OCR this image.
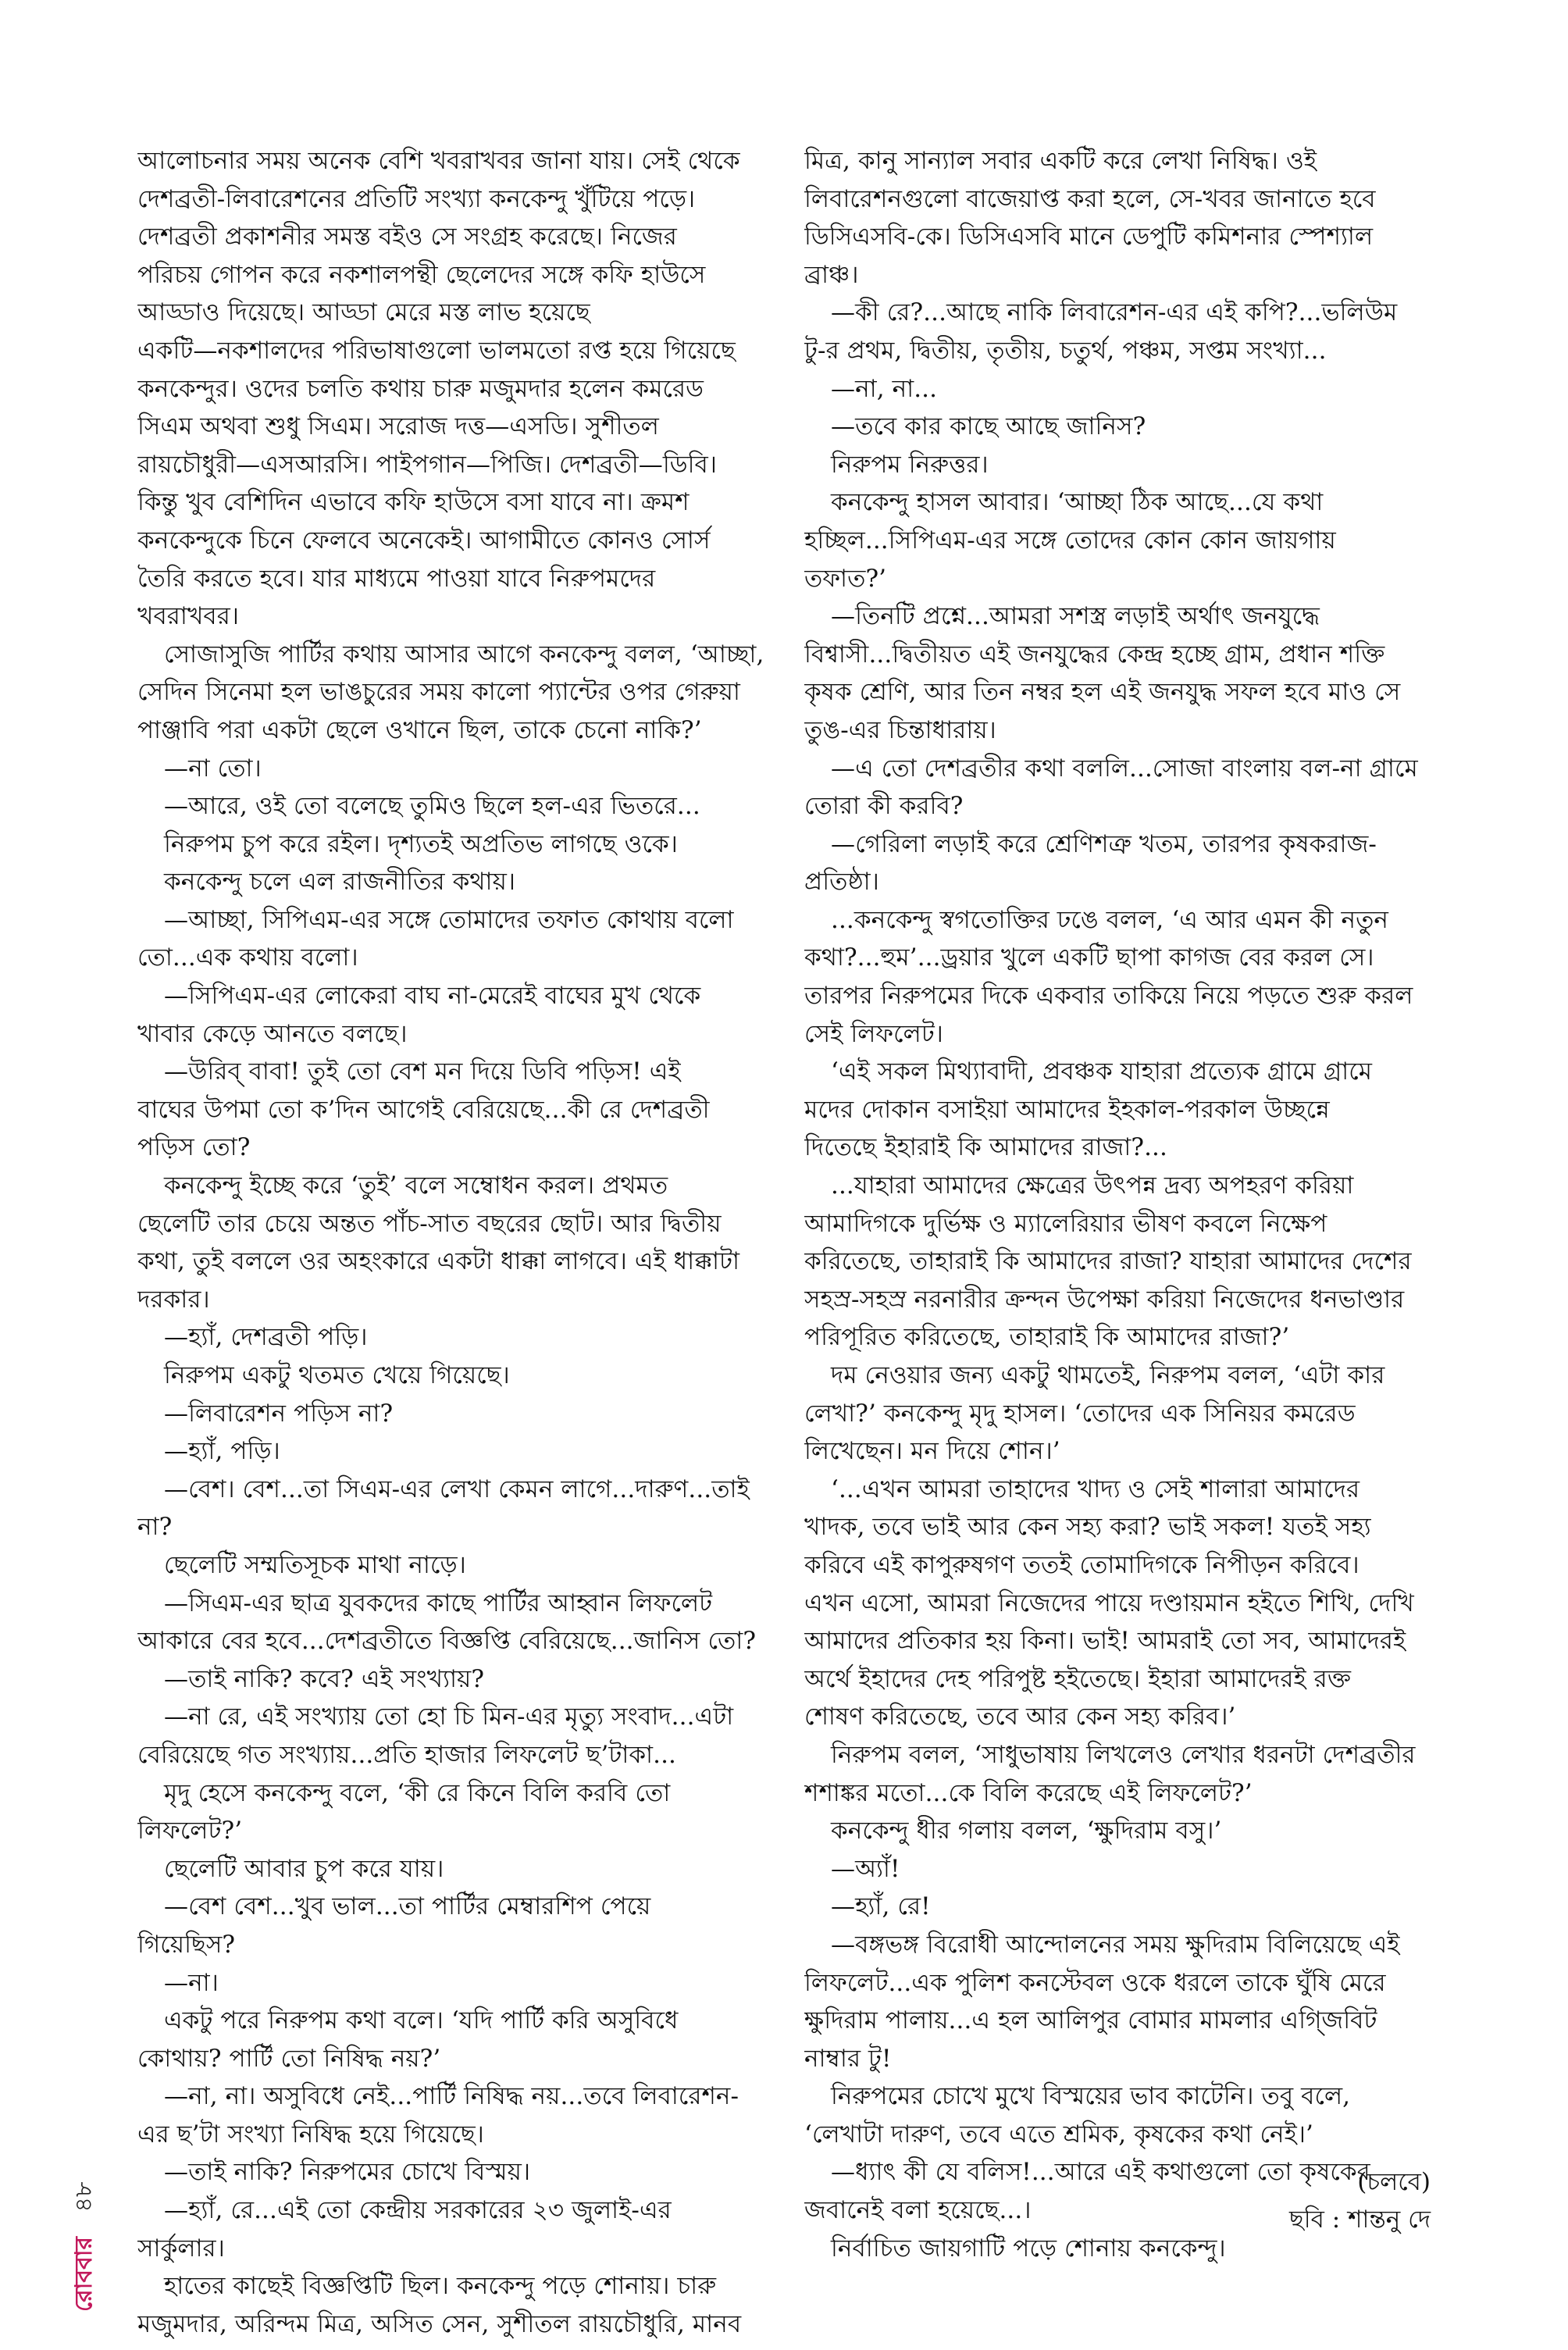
আলোচনার সময় অনেক বেশি খবরাখবর জানা যায়। সেই থেকে
দেশব্রতী-লিবারেশনের প্রতিটি সংখ্যা কনকেন্দু খুঁটিয়ে পড়ে।
দেশব্রতী প্রকাশনীর সমস্ত বইও সে সংগ্রহ করেছে। নিজের
পরিচয় গোপন করে নকশালপন্থী ছেলেদের সঙ্গে কফি হাউসে
আড্ডাও দিয়েছে। আড্ডা মেরে মস্ত লাভ হয়েছে
একটি—নকশালদের পরিভাষাগুলো ভালমতো রপ্ত হয়ে গিয়েছে
কনকেন্দুর। ওদের চলতি কথায় চারু মজুমদার হলেন কমরেড
সিএম অথবা শুধু সিএম। সরোজ দত্ত—এসডি। সুশীতল
রায়চৌধুরী—এসআরসি। পাইপগান—পিজি। দেশব্রতী—ডিবি।
কিন্তু খুব বেশিদিন এভাবে কফি হাউসে বসা যাবে না। ক্রমশ
কনকেন্দুকে চিনে ফেলবে অনেকেই। আগামীতে কোনও সোর্স
তৈরি করতে হবে। যার মাধ্যমে পাওয়া যাবে নিরুপমদের
খবরাখবর।
সোজাসুজি পার্টির কথায় আসার আগে কনকেন্দু বলল, ‘আচ্ছা,
সেদিন সিনেমা হল ভাঙচুরের সময় কালো প্যান্টের ওপর গেরুয়া
পাঞ্জাবি পরা একটা ছেলে ওখানে ছিল, তাকে চেনো নাকি?’
—না তো।
—আরে, ওই তো বলেছে তুমিও ছিলে হল-এর ভিতরে...
নিরুপম চুপ করে রইল। দৃশ্যতই অপ্রতিভ লাগছে ওকে।
কনকেন্দু চলে এল রাজনীতির কথায়।
—আচ্ছা, সিপিএম-এর সঙ্গে তোমাদের তফাত কোথায় বলো
তো...এক কথায় বলো।
—সিপিএম-এর লোকেরা বাঘ না-মেরেই বাঘের মুখ থেকে
খাবার কেড়ে আনতে বলছে।
—উরিব্ বাবা! তুই তো বেশ মন দিয়ে ডিবি পড়িস! এই
বাঘের উপমা তো ক’দিন আগেই বেরিয়েছে...কী রে দেশব্রতী
পড়িস তো?
কনকেন্দু ইচ্ছে করে ‘তুই’ বলে সম্বোধন করল। প্রথমত
ছেলেটি তার চেয়ে অন্তত পাঁচ-সাত বছরের ছোট। আর দ্বিতীয়
কথা, তুই বললে ওর অহংকারে একটা ধাক্কা লাগবে। এই ধাক্কাটা
দরকার।
—হ্যাঁ, দেশব্রতী পড়ি।
নিরুপম একটু থতমত খেয়ে গিয়েছে।
—লিবারেশন পড়িস না?
—হ্যাঁ, পড়ি।
—বেশ। বেশ...তা সিএম-এর লেখা কেমন লাগে...দারুণ...তাই
না?
ছেলেটি সম্মতিসূচক মাথা নাড়ে।
—সিএম-এর ছাত্র যুবকদের কাছে পার্টির আহ্বান লিফলেট
আকারে বের হবে...দেশব্রতীতে বিজ্ঞপ্তি বেরিয়েছে...জানিস তো?
—তাই নাকি? কবে? এই সংখ্যায়?
—না রে, এই সংখ্যায় তো হো চি মিন-এর মৃত্যু সংবাদ...এটা
বেরিয়েছে গত সংখ্যায়...প্রতি হাজার লিফলেট ছ’টাকা...
মৃদু হেসে কনকেন্দু বলে, ‘কী রে কিনে বিলি করবি তো
লিফলেট?’
ছেলেটি আবার চুপ করে যায়।
—বেশ বেশ...খুব ভাল...তা পার্টির মেম্বারশিপ পেয়ে
গিয়েছিস?
—না।
একটু পরে নিরুপম কথা বলে। ‘যদি পার্টি করি অসুবিধে
কোথায়? পার্টি তো নিষিদ্ধ নয়?’
—না, না। অসুবিধে নেই...পার্টি নিষিদ্ধ নয়...তবে লিবারেশন-
এর ছ’টা সংখ্যা নিষিদ্ধ হয়ে গিয়েছে।
—তাই নাকি? নিরুপমের চোখে বিস্ময়।
—হ্যাঁ, রে...এই তো কেন্দ্রীয় সরকারের ২৩ জুলাই-এর
সার্কুলার।
হাতের কাছেই বিজ্ঞপ্তিটি ছিল। কনকেন্দু পড়ে শোনায়। চারু
মজুমদার, অরিন্দম মিত্র, অসিত সেন, সুশীতল রায়চৌধুরি, মানব
মিত্র, কানু সান্যাল সবার একটি করে লেখা নিষিদ্ধ। ওই
লিবারেশনগুলো বাজেয়াপ্ত করা হলে, সে-খবর জানাতে হবে
ডিসিএসবি-কে। ডিসিএসবি মানে ডেপুটি কমিশনার স্পেশ্যাল
ব্রাঞ্চ।
—কী রে?...আছে নাকি লিবারেশন-এর এই কপি?...ভলিউম
টু-র প্রথম, দ্বিতীয়, তৃতীয়, চতুর্থ, পঞ্চম, সপ্তম সংখ্যা...
—না, না...
—তবে কার কাছে আছে জানিস?
নিরুপম নিরুত্তর।
কনকেন্দু হাসল আবার। ‘আচ্ছা ঠিক আছে...যে কথা
হচ্ছিল...সিপিএম-এর সঙ্গে তোদের কোন কোন জায়গায়
তফাত?’
—তিনটি প্রশ্নে...আমরা সশস্ত্র লড়াই অর্থাৎ জনযুদ্ধে
বিশ্বাসী...দ্বিতীয়ত এই জনযুদ্ধের কেন্দ্র হচ্ছে গ্রাম, প্রধান শক্তি
কৃষক শ্রেণি, আর তিন নম্বর হল এই জনযুদ্ধ সফল হবে মাও সে
তুঙ-এর চিন্তাধারায়।
—এ তো দেশব্রতীর কথা বললি...সোজা বাংলায় বল-না গ্রামে
তোরা কী করবি?
—গেরিলা লড়াই করে শ্রেণিশত্রু খতম, তারপর কৃষকরাজ-
প্রতিষ্ঠা।
...কনকেন্দু স্বগতোক্তির ঢঙে বলল, ‘এ আর এমন কী নতুন
কথা?...হুম’...ড্রয়ার খুলে একটি ছাপা কাগজ বের করল সে।
তারপর নিরুপমের দিকে একবার তাকিয়ে নিয়ে পড়তে শুরু করল
সেই লিফলেট।
‘এই সকল মিথ্যাবাদী, প্রবঞ্চক যাহারা প্রত্যেক গ্রামে গ্রামে
মদের দোকান বসাইয়া আমাদের ইহকাল-পরকাল উচ্ছন্নে
দিতেছে ইহারাই কি আমাদের রাজা?...
...যাহারা আমাদের ক্ষেত্রের উৎপন্ন দ্রব্য অপহরণ করিয়া
আমাদিগকে দুর্ভিক্ষ ও ম্যালেরিয়ার ভীষণ কবলে নিক্ষেপ
করিতেছে, তাহারাই কি আমাদের রাজা? যাহারা আমাদের দেশের
সহস্র-সহস্র নরনারীর ক্রন্দন উপেক্ষা করিয়া নিজেদের ধনভাণ্ডার
পরিপূরিত করিতেছে, তাহারাই কি আমাদের রাজা?’
দম নেওয়ার জন্য একটু থামতেই, নিরুপম বলল, ‘এটা কার
লেখা?’ কনকেন্দু মৃদু হাসল। ‘তোদের এক সিনিয়র কমরেড
লিখেছেন। মন দিয়ে শোন।’
‘...এখন আমরা তাহাদের খাদ্য ও সেই শালারা আমাদের
খাদক, তবে ভাই আর কেন সহ্য করা? ভাই সকল! যতই সহ্য
করিবে এই কাপুরুষগণ ততই তোমাদিগকে নিপীড়ন করিবে।
এখন এসো, আমরা নিজেদের পায়ে দণ্ডায়মান হইতে শিখি, দেখি
আমাদের প্রতিকার হয় কিনা। ভাই! আমরাই তো সব, আমাদেরই
অর্থে ইহাদের দেহ পরিপুষ্ট হইতেছে। ইহারা আমাদেরই রক্ত
শোষণ করিতেছে, তবে আর কেন সহ্য করিব।’
নিরুপম বলল, ‘সাধুভাষায় লিখলেও লেখার ধরনটা দেশব্রতীর
শশাঙ্কর মতো...কে বিলি করেছে এই লিফলেট?’
কনকেন্দু ধীর গলায় বলল, ‘ক্ষুদিরাম বসু।’
—অ্যাঁ!
—হ্যাঁ, রে!
—বঙ্গভঙ্গ বিরোধী আন্দোলনের সময় ক্ষুদিরাম বিলিয়েছে এই
লিফলেট...এক পুলিশ কনস্টেবল ওকে ধরলে তাকে ঘুঁষি মেরে
ক্ষুদিরাম পালায়...এ হল আলিপুর বোমার মামলার এগ্জিবিট
নাম্বার টু!
নিরুপমের চোখে মুখে বিস্ময়ের ভাব কাটেনি। তবু বলে,
‘লেখাটা দারুণ, তবে এতে শ্রমিক, কৃষকের কথা নেই।’
—ধ্যাৎ কী যে বলিস!...আরে এই কথাগুলো তো কৃষকের
জবানেই বলা হয়েছে...।
নির্বাচিত জায়গাটি পড়ে শোনায় কনকেন্দু।
(চলবে)
ছবি : শান্তনু দে
রোববার ৪৮
